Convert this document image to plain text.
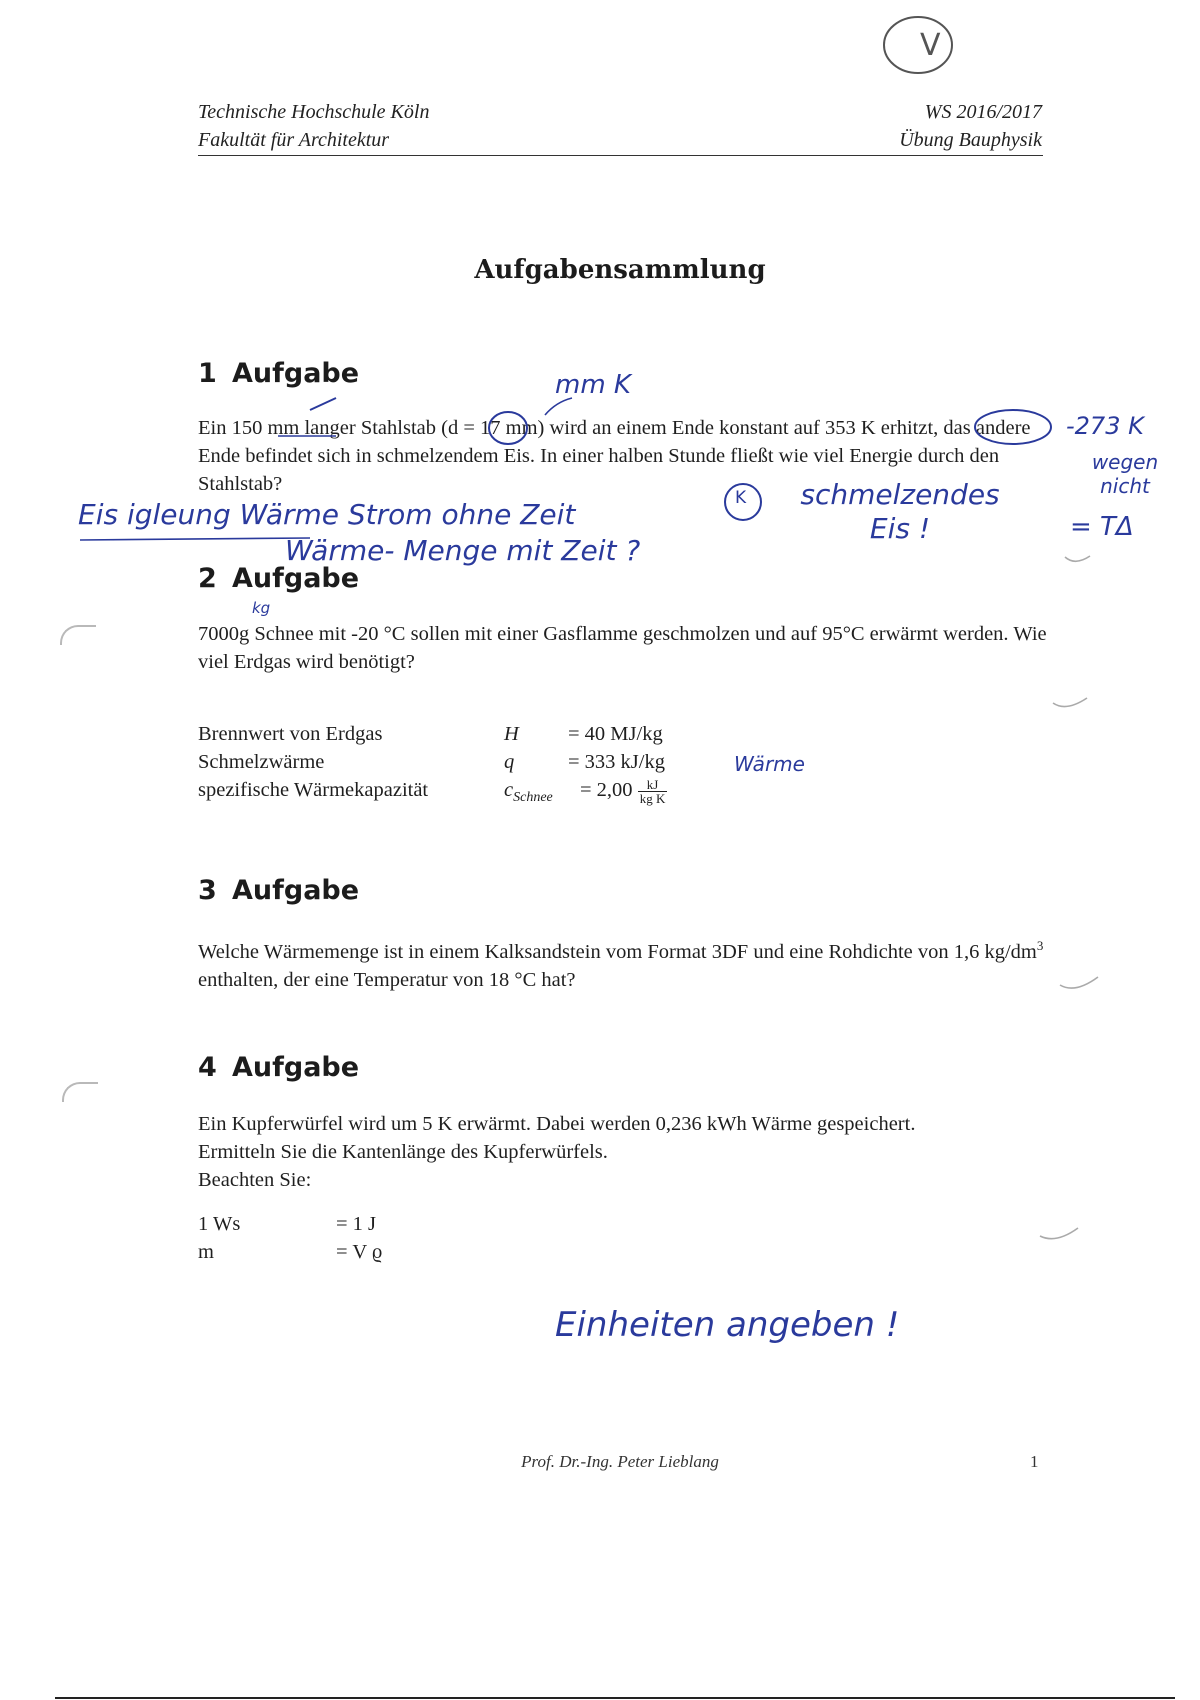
Technische Hochschule Köln
Fakultät für Architektur
WS 2016/2017
Übung Bauphysik
Aufgabensammlung
1 Aufgabe
Ein 150 mm langer Stahlstab (d = 17 mm) wird an einem Ende konstant auf 353 K erhitzt, das andere Ende befindet sich in schmelzendem Eis. In einer halben Stunde fließt wie viel Energie durch den Stahlstab?
2 Aufgabe
7000g Schnee mit -20 °C sollen mit einer Gasflamme geschmolzen und auf 95°C erwärmt werden. Wie viel Erdgas wird benötigt?
Brennwert von Erdgas	H	= 40 MJ/kg
Schmelzwärme	q	= 333 kJ/kg
spezifische Wärmekapazität	$c_{Schnee}$	= $2,00 \frac{kJ}{\text{kg K}}$
3 Aufgabe
Welche Wärmemenge ist in einem Kalksandstein vom Format 3DF und eine Rohdichte von 1,6 $kg/dm^3$ enthalten, der eine Temperatur von 18 °C hat?
4 Aufgabe
Ein Kupferwürfel wird um 5 K erwärmt. Dabei werden 0,236 kWh Wärme gespeichert.
Ermitteln Sie die Kantenlänge des Kupferwürfels.
Beachten Sie:
1 Ws	= 1 J
m	= V ϱ
Prof. Dr.-Ing. Peter Lieblang	1
V
mm K
-273 K
wegen nicht
= TΔ
Eis igleung Wärme Strom ohne Zeit
Wärme- Menge mit Zeit ?
K	schmelzendes Eis !
kg
Wärme
Einheiten angeben !
